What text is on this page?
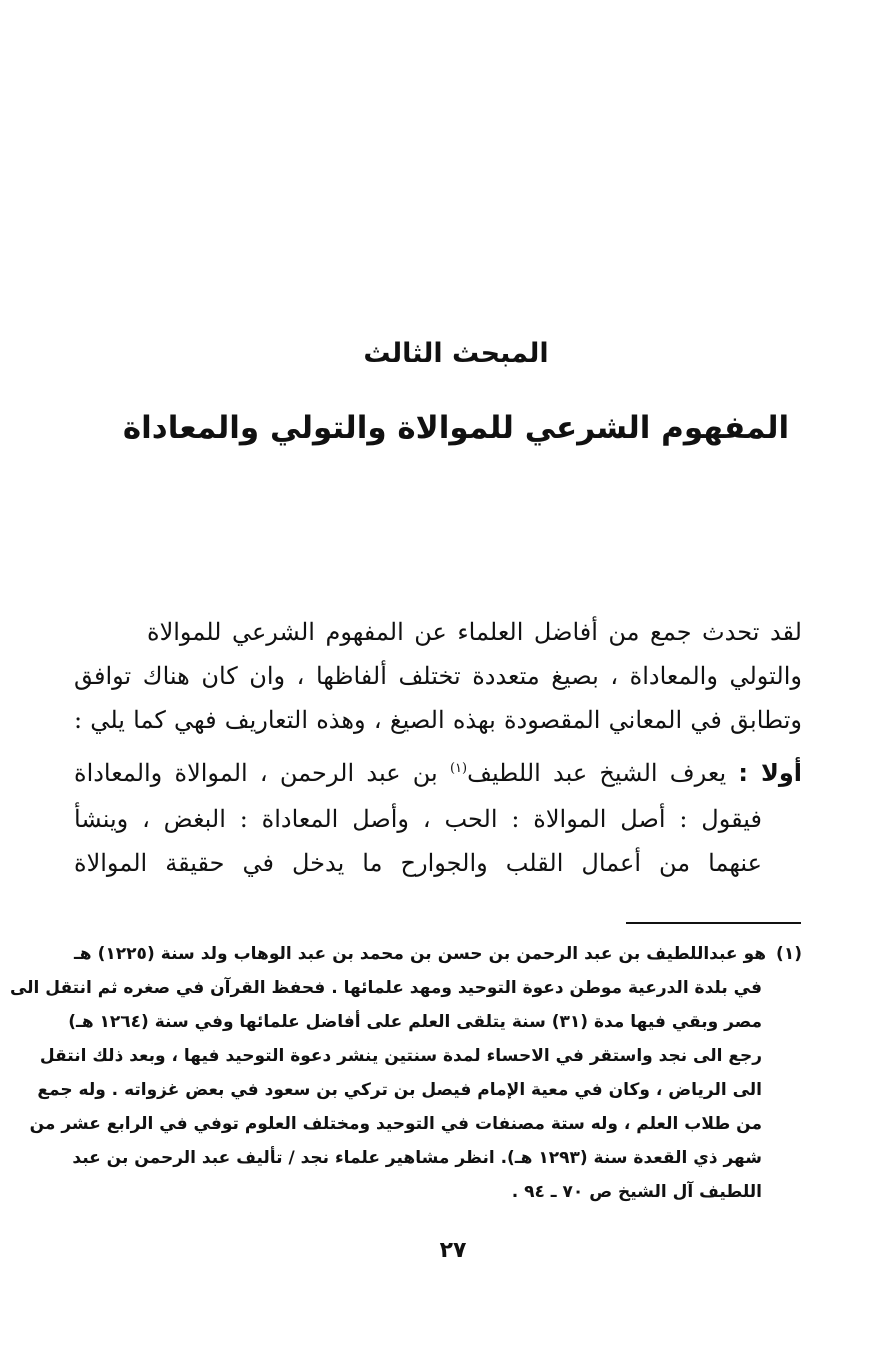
المبحث الثالث
المفهوم الشرعي للموالاة والتولي والمعاداة
لقد تحدث جمع من أفاضل العلماء عن المفهوم الشرعي للموالاة
والتولي والمعاداة ، بصيغ متعددة تختلف ألفاظها ، وان كان هناك توافق
وتطابق في المعاني المقصودة بهذه الصيغ ، وهذه التعاريف فهي كما يلي :
أولا : يعرف الشيخ عبد اللطيف$^{(١)}$ بن عبد الرحمن ، الموالاة والمعاداة
فيقول : أصل الموالاة : الحب ، وأصل المعاداة : البغض ، وينشأ
عنهما من أعمال القلب والجوارح ما يدخل في حقيقة الموالاة
(١)هو عبداللطيف بن عبد الرحمن بن حسن بن محمد بن عبد الوهاب ولد سنة (١٢٢٥) هـ
في بلدة الدرعية موطن دعوة التوحيد ومهد علمائها . فحفظ القرآن في صغره ثم انتقل الى
مصر وبقي فيها مدة (٣١) سنة يتلقى العلم على أفاضل علمائها وفي سنة (١٢٦٤ هـ)
رجع الى نجد واستقر في الاحساء لمدة سنتين ينشر دعوة التوحيد فيها ، وبعد ذلك انتقل
الى الرياض ، وكان في معية الإمام فيصل بن تركي بن سعود في بعض غزواته . وله جمع
من طلاب العلم ، وله ستة مصنفات في التوحيد ومختلف العلوم توفي في الرابع عشر من
شهر ذي القعدة سنة (١٢٩٣ هـ). انظر مشاهير علماء نجد / تأليف عبد الرحمن بن عبد
اللطيف آل الشيخ ص ٧٠ ـ ٩٤ .
٢٧
